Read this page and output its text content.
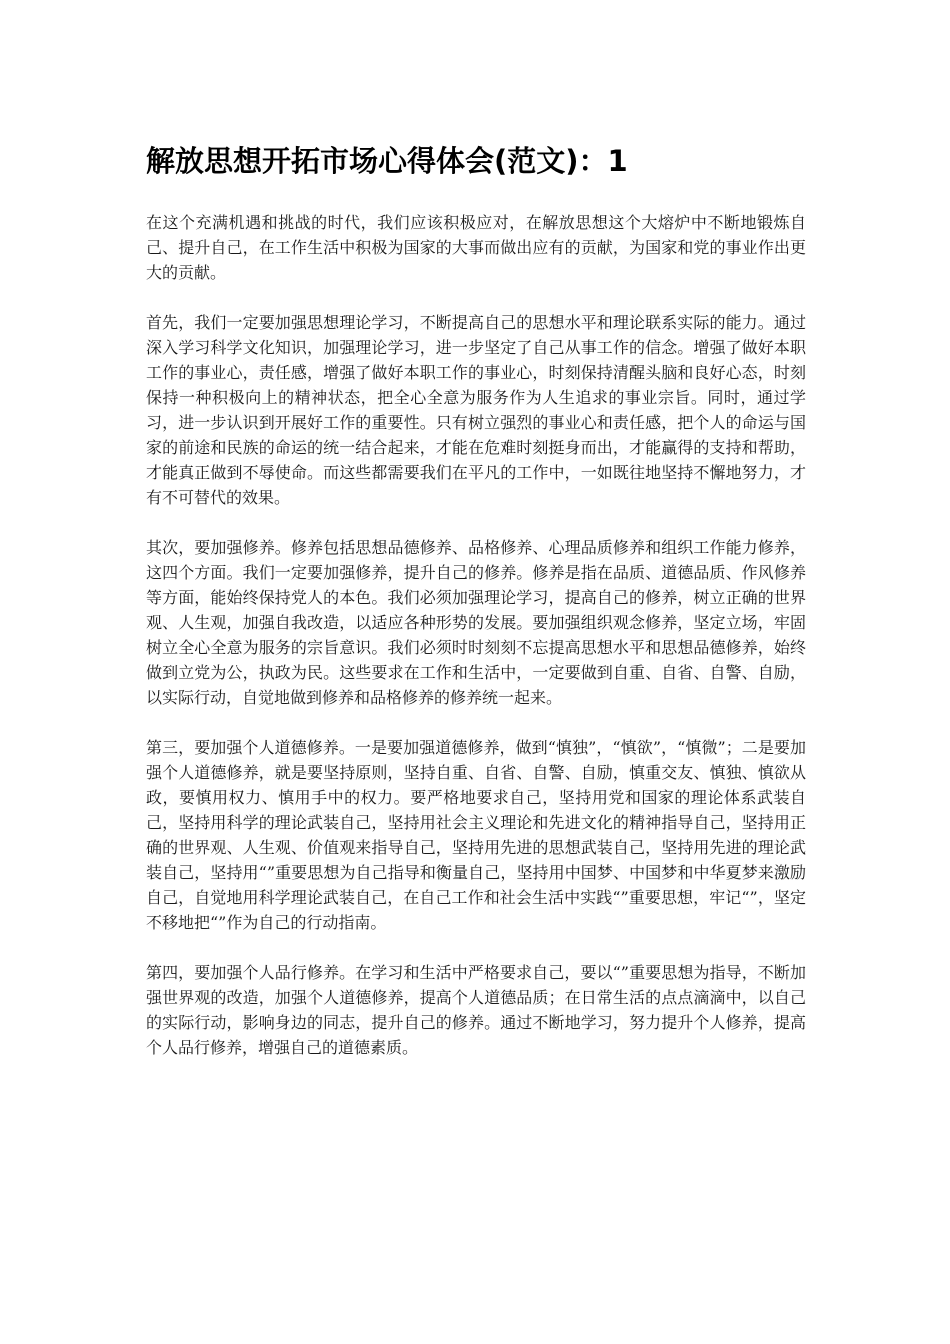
解放思想开拓市场心得体会(范文)：1

在这个充满机遇和挑战的时代，我们应该积极应对，在解放思想这个大熔炉中不断地锻炼自己、提升自己，在工作生活中积极为国家的大事而做出应有的贡献，为国家和党的事业作出更大的贡献。

首先，我们一定要加强思想理论学习，不断提高自己的思想水平和理论联系实际的能力。通过深入学习科学文化知识，加强理论学习，进一步坚定了自己从事工作的信念。增强了做好本职工作的事业心，责任感，增强了做好本职工作的事业心，时刻保持清醒头脑和良好心态，时刻保持一种积极向上的精神状态，把全心全意为服务作为人生追求的事业宗旨。同时，通过学习，进一步认识到开展好工作的重要性。只有树立强烈的事业心和责任感，把个人的命运与国家的前途和民族的命运的统一结合起来，才能在危难时刻挺身而出，才能赢得的支持和帮助，才能真正做到不辱使命。而这些都需要我们在平凡的工作中，一如既往地坚持不懈地努力，才有不可替代的效果。

其次，要加强修养。修养包括思想品德修养、品格修养、心理品质修养和组织工作能力修养，这四个方面。我们一定要加强修养，提升自己的修养。修养是指在品质、道德品质、作风修养等方面，能始终保持党人的本色。我们必须加强理论学习，提高自己的修养，树立正确的世界观、人生观，加强自我改造，以适应各种形势的发展。要加强组织观念修养，坚定立场，牢固树立全心全意为服务的宗旨意识。我们必须时时刻刻不忘提高思想水平和思想品德修养，始终做到立党为公，执政为民。这些要求在工作和生活中，一定要做到自重、自省、自警、自励，以实际行动，自觉地做到修养和品格修养的修养统一起来。

第三，要加强个人道德修养。一是要加强道德修养，做到“慎独”，“慎欲”，“慎微”；二是要加强个人道德修养，就是要坚持原则，坚持自重、自省、自警、自励，慎重交友、慎独、慎欲从政，要慎用权力、慎用手中的权力。要严格地要求自己，坚持用党和国家的理论体系武装自己，坚持用科学的理论武装自己，坚持用社会主义理论和先进文化的精神指导自己，坚持用正确的世界观、人生观、价值观来指导自己，坚持用先进的思想武装自己，坚持用先进的理论武装自己，坚持用“”重要思想为自己指导和衡量自己，坚持用中国梦、中国梦和中华夏梦来激励自己，自觉地用科学理论武装自己，在自己工作和社会生活中实践“”重要思想，牢记“”，坚定不移地把“”作为自己的行动指南。

第四，要加强个人品行修养。在学习和生活中严格要求自己，要以“”重要思想为指导，不断加强世界观的改造，加强个人道德修养，提高个人道德品质；在日常生活的点点滴滴中，以自己的实际行动，影响身边的同志，提升自己的修养。通过不断地学习，努力提升个人修养，提高个人品行修养，增强自己的道德素质。
